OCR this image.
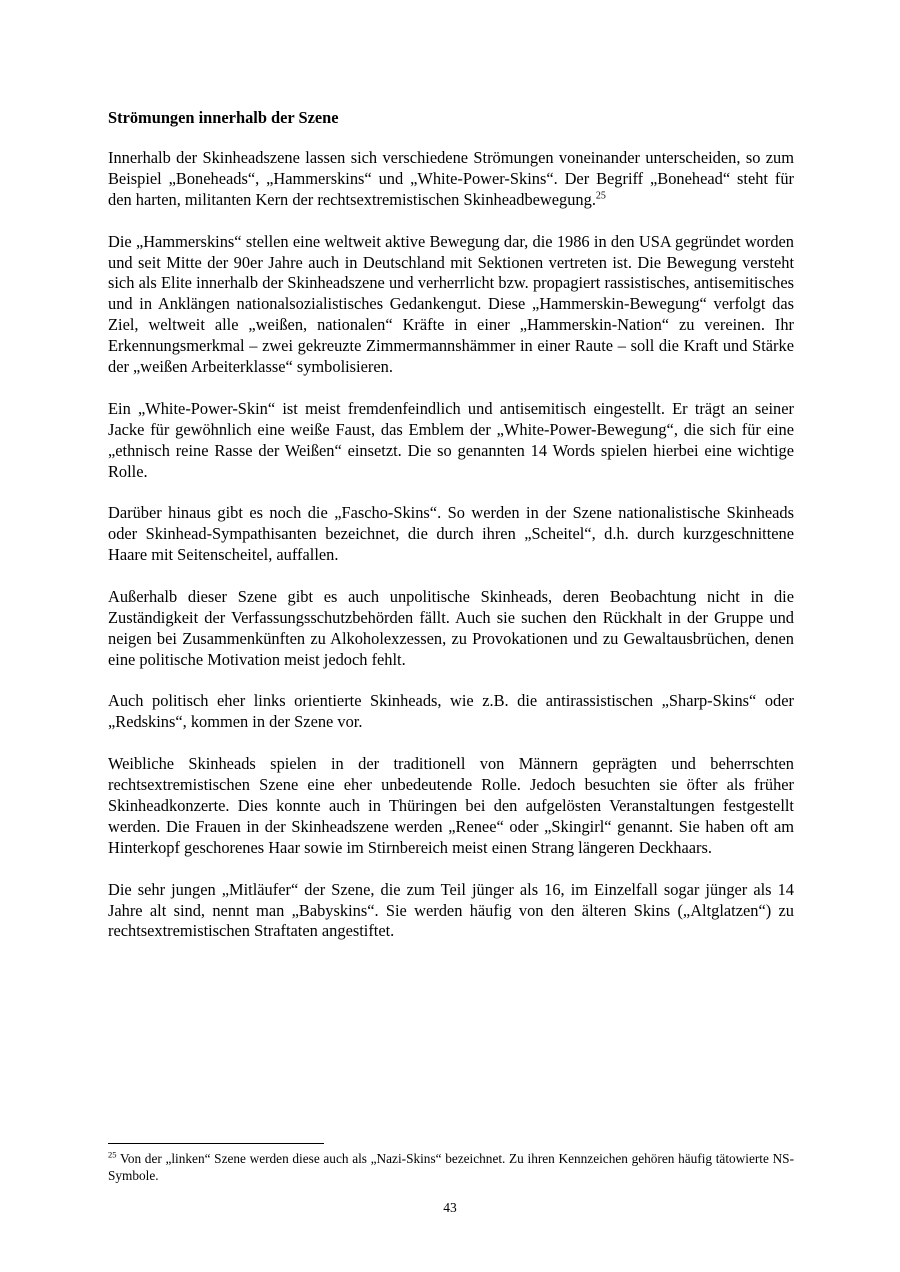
Strömungen innerhalb der Szene

Innerhalb der Skinheadszene lassen sich verschiedene Strömungen voneinander unterscheiden, so zum Beispiel „Boneheads“, „Hammerskins“ und „White-Power-Skins“. Der Begriff „Bonehead“ steht für den harten, militanten Kern der rechtsextremistischen Skinheadbewegung.$^{25}$

Die „Hammerskins“ stellen eine weltweit aktive Bewegung dar, die 1986 in den USA gegründet worden und seit Mitte der 90er Jahre auch in Deutschland mit Sektionen vertreten ist. Die Bewegung versteht sich als Elite innerhalb der Skinheadszene und verherrlicht bzw. propagiert rassistisches, antisemitisches und in Anklängen nationalsozialistisches Gedankengut. Diese „Hammerskin-Bewegung“ verfolgt das Ziel, weltweit alle „weißen, nationalen“ Kräfte in einer „Hammerskin-Nation“ zu vereinen. Ihr Erkennungsmerkmal – zwei gekreuzte Zimmermannshämmer in einer Raute – soll die Kraft und Stärke der „weißen Arbeiterklasse“ symbolisieren.

Ein „White-Power-Skin“ ist meist fremdenfeindlich und antisemitisch eingestellt. Er trägt an seiner Jacke für gewöhnlich eine weiße Faust, das Emblem der „White-Power-Bewegung“, die sich für eine „ethnisch reine Rasse der Weißen“ einsetzt. Die so genannten 14 Words spielen hierbei eine wichtige Rolle.

Darüber hinaus gibt es noch die „Fascho-Skins“. So werden in der Szene nationalistische Skinheads oder Skinhead-Sympathisanten bezeichnet, die durch ihren „Scheitel“, d.h. durch kurzgeschnittene Haare mit Seitenscheitel, auffallen.

Außerhalb dieser Szene gibt es auch unpolitische Skinheads, deren Beobachtung nicht in die Zuständigkeit der Verfassungsschutzbehörden fällt. Auch sie suchen den Rückhalt in der Gruppe und neigen bei Zusammenkünften zu Alkoholexzessen, zu Provokationen und zu Gewaltausbrüchen, denen eine politische Motivation meist jedoch fehlt.

Auch politisch eher links orientierte Skinheads, wie z.B. die antirassistischen „Sharp-Skins“ oder „Redskins“, kommen in der Szene vor.

Weibliche Skinheads spielen in der traditionell von Männern geprägten und beherrschten rechtsextremistischen Szene eine eher unbedeutende Rolle. Jedoch besuchten sie öfter als früher Skinheadkonzerte. Dies konnte auch in Thüringen bei den aufgelösten Veranstaltungen festgestellt werden. Die Frauen in der Skinheadszene werden „Renee“ oder „Skingirl“ genannt. Sie haben oft am Hinterkopf geschorenes Haar sowie im Stirnbereich meist einen Strang längeren Deckhaars.

Die sehr jungen „Mitläufer“ der Szene, die zum Teil jünger als 16, im Einzelfall sogar jünger als 14 Jahre alt sind, nennt man „Babyskins“. Sie werden häufig von den älteren Skins („Altglatzen“) zu rechtsextremistischen Straftaten angestiftet.

$^{25}$ Von der „linken“ Szene werden diese auch als „Nazi-Skins“ bezeichnet. Zu ihren Kennzeichen gehören häufig tätowierte NS-Symbole.

43
